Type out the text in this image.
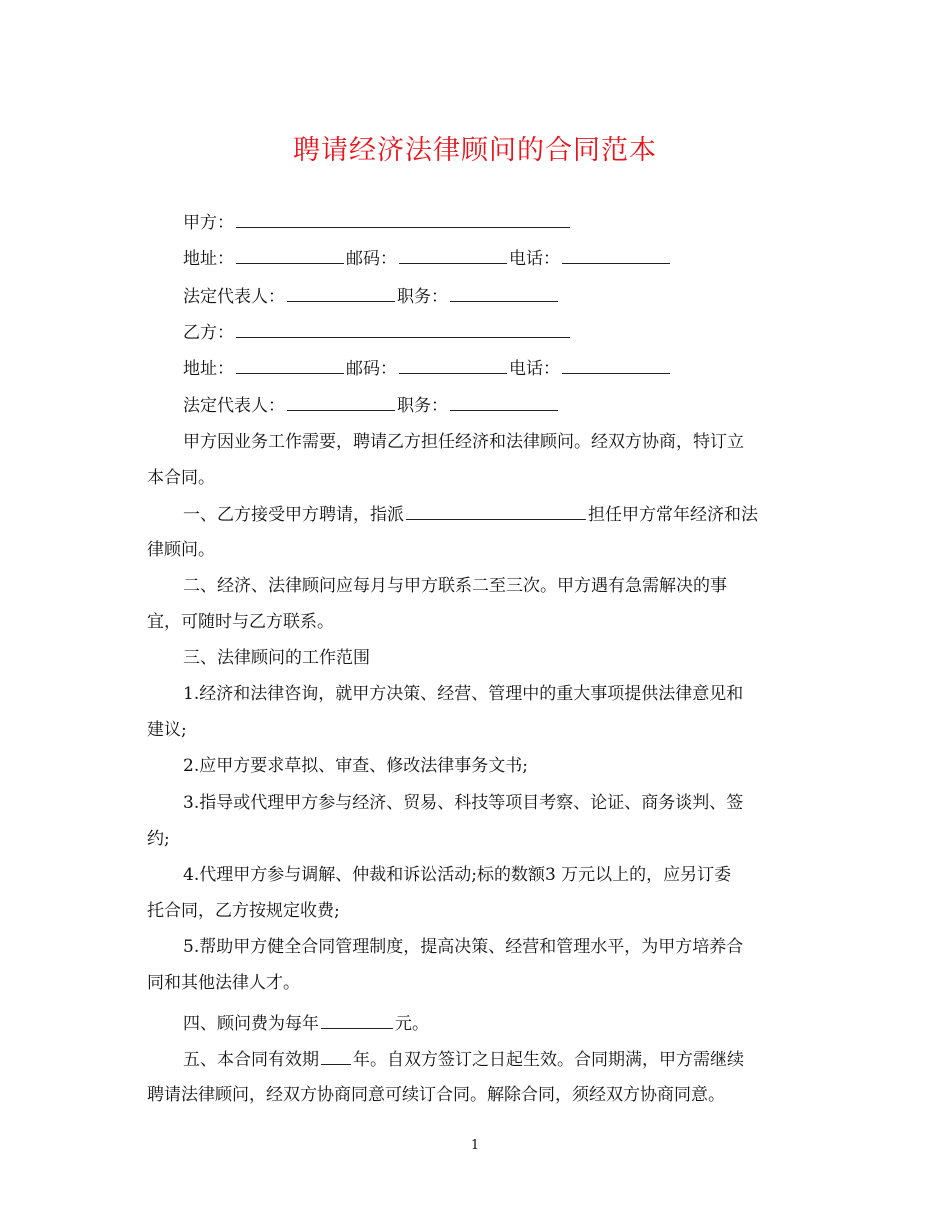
聘请经济法律顾问的合同范本
甲方：
地址：	邮码：	电话：
法定代表人：	职务：
乙方：
地址：	邮码：	电话：
法定代表人：	职务：
甲方因业务工作需要，聘请乙方担任经济和法律顾问。经双方协商，特订立
本合同。
一、乙方接受甲方聘请，指派	担任甲方常年经济和法
律顾问。
二、经济、法律顾问应每月与甲方联系二至三次。甲方遇有急需解决的事
宜，可随时与乙方联系。
三、法律顾问的工作范围
1.经济和法律咨询，就甲方决策、经营、管理中的重大事项提供法律意见和
建议;
2.应甲方要求草拟、审查、修改法律事务文书;
3.指导或代理甲方参与经济、贸易、科技等项目考察、论证、商务谈判、签
约;
4.代理甲方参与调解、仲裁和诉讼活动;标的数额3 万元以上的，应另订委
托合同，乙方按规定收费;
5.帮助甲方健全合同管理制度，提高决策、经营和管理水平，为甲方培养合
同和其他法律人才。
四、顾问费为每年	元。
五、本合同有效期 年。自双方签订之日起生效。合同期满，甲方需继续
聘请法律顾问，经双方协商同意可续订合同。解除合同，须经双方协商同意。
1
